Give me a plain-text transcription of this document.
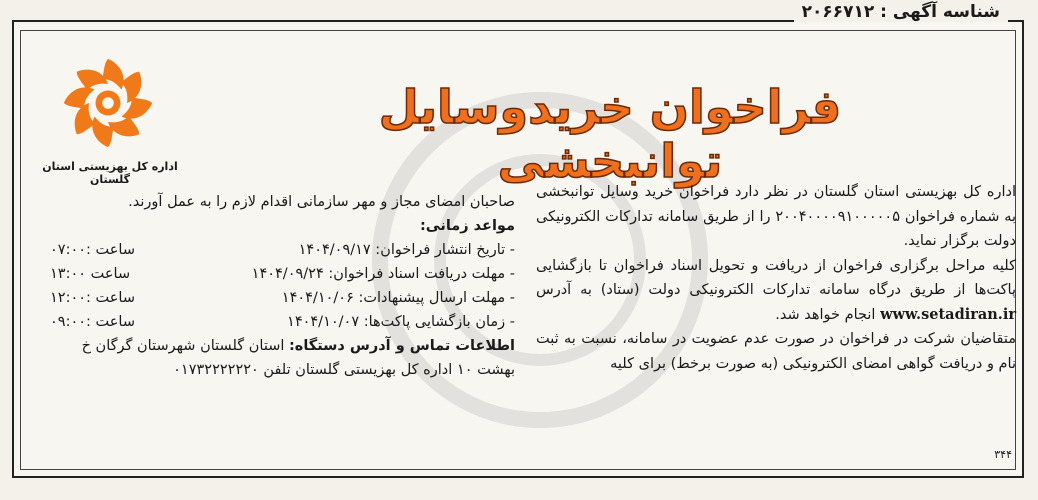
شناسه آگهی : ۲۰۶۶۷۱۲
فراخوان خریدوسایل توانبخشی
اداره کل بهزیستی استان گلستان

اداره کل بهزیستی استان گلستان در نظر دارد فراخوان خرید وسایل توانبخشی به شماره فراخوان ۲۰۰۴۰۰۰۰۹۱۰۰۰۰۰۵ را از طریق سامانه تدارکات الکترونیکی دولت برگزار نماید.

کلیه مراحل برگزاری فراخوان از دریافت و تحویل اسناد فراخوان تا بازگشایی پاکت‌ها از طریق درگاه سامانه تدارکات الکترونیکی دولت (ستاد) به آدرس www.setadiran.ir انجام خواهد شد.

متقاضیان شرکت در فراخوان در صورت عدم عضویت در سامانه، نسبت به ثبت نام و دریافت گواهی امضای الکترونیکی (به صورت برخط) برای کلیه

صاحبان امضای مجاز و مهر سازمانی اقدام لازم را به عمل آورند.

مواعد زمانی:

- تاریخ انتشار فراخوان: ۱۴۰۴/۰۹/۱۷
ساعت :۰۷:۰۰
- مهلت دریافت اسناد فراخوان: ۱۴۰۴/۰۹/۲۴
ساعت ۱۳:۰۰
- مهلت ارسال پیشنهادات: ۱۴۰۴/۱۰/۰۶
ساعت :۱۲:۰۰
- زمان بازگشایی پاکت‌ها: ۱۴۰۴/۱۰/۰۷
ساعت :۰۹:۰۰

اطلاعات تماس و آدرس دستگاه: استان گلستان شهرستان گرگان خ بهشت ۱۰ اداره کل بهزیستی گلستان تلفن ۰۱۷۳۲۲۲۲۲۲۰

۳۴۴
